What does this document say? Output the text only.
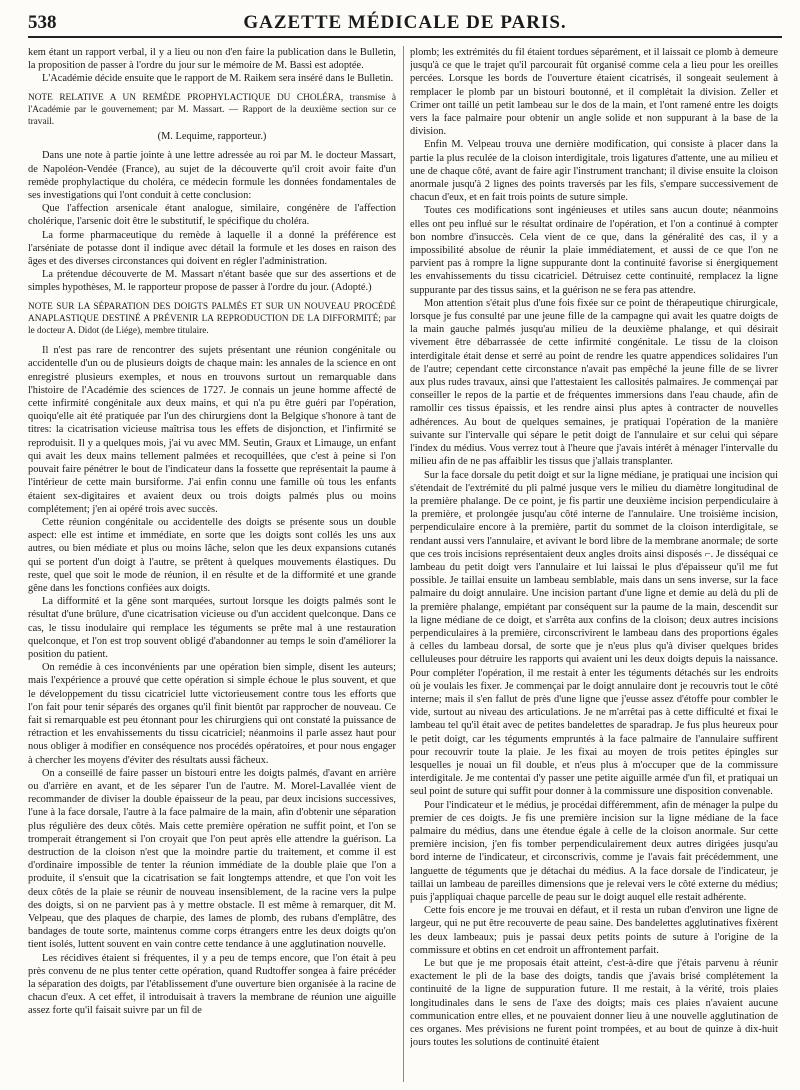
538	GAZETTE MÉDICALE DE PARIS.

kem étant un rapport verbal, il y a lieu ou non d'en faire la publication dans le Bulletin, la proposition de passer à l'ordre du jour sur le mémoire de M. Bassi est adoptée.

L'Académie décide ensuite que le rapport de M. Raikem sera inséré dans le Bulletin.

NOTE RELATIVE A UN REMÈDE PROPHYLACTIQUE DU CHOLÉRA, transmise à l'Académie par le gouvernement; par M. Massart. — Rapport de la deuxième section sur ce travail.

(M. Lequime, rapporteur.)

Dans une note à partie jointe à une lettre adressée au roi par M. le docteur Massart, de Napoléon-Vendée (France), au sujet de la découverte qu'il croit avoir faite d'un remède prophylactique du choléra, ce médecin formule les données fondamentales de ses investigations qui l'ont conduit à cette conclusion:

Que l'affection arsenicale étant analogue, similaire, congénère de l'affection cholérique, l'arsenic doit être le substitutif, le spécifique du choléra.

La forme pharmaceutique du remède à laquelle il a donné la préférence est l'arséniate de potasse dont il indique avec détail la formule et les doses en raison des âges et des diverses circonstances qui doivent en régler l'administration.

La prétendue découverte de M. Massart n'étant basée que sur des assertions et de simples hypothèses, M. le rapporteur propose de passer à l'ordre du jour. (Adopté.)

NOTE SUR LA SÉPARATION DES DOIGTS PALMÉS ET SUR UN NOUVEAU PROCÉDÉ ANAPLASTIQUE DESTINÉ A PRÉVENIR LA REPRODUCTION DE LA DIFFORMITÉ; par le docteur A. Didot (de Liége), membre titulaire.

Il n'est pas rare de rencontrer des sujets présentant une réunion congénitale ou accidentelle d'un ou de plusieurs doigts de chaque main: les annales de la science en ont enregistré plusieurs exemples, et nous en trouvons surtout un remarquable dans l'histoire de l'Académie des sciences de 1727. Je connais un jeune homme affecté de cette infirmité congénitale aux deux mains, et qui n'a pu être guéri par l'opération, quoiqu'elle ait été pratiquée par l'un des chirurgiens dont la Belgique s'honore à tant de titres: la cicatrisation vicieuse maîtrisa tous les effets de disjonction, et l'infirmité se reproduisit. Il y a quelques mois, j'ai vu avec MM. Seutin, Graux et Limauge, un enfant qui avait les deux mains tellement palmées et recoquillées, que c'est à peine si l'on pouvait faire pénétrer le bout de l'indicateur dans la fossette que représentait la paume à l'intérieur de cette main bursiforme. J'ai enfin connu une famille où tous les enfants étaient sex-digitaires et avaient deux ou trois doigts palmés plus ou moins complétement; j'en ai opéré trois avec succès.

Cette réunion congénitale ou accidentelle des doigts se présente sous un double aspect: elle est intime et immédiate, en sorte que les doigts sont collés les uns aux autres, ou bien médiate et plus ou moins lâche, selon que les deux expansions cutanés qui se portent d'un doigt à l'autre, se prêtent à quelques mouvements élastiques. Du reste, quel que soit le mode de réunion, il en résulte et de la difformité et une grande gêne dans les fonctions confiées aux doigts.

La difformité et la gêne sont marquées, surtout lorsque les doigts palmés sont le résultat d'une brûlure, d'une cicatrisation vicieuse ou d'un accident quelconque. Dans ce cas, le tissu inodulaire qui remplace les téguments se prête mal à une restauration quelconque, et l'on est trop souvent obligé d'abandonner au temps le soin d'améliorer la position du patient.

On remédie à ces inconvénients par une opération bien simple, disent les auteurs; mais l'expérience a prouvé que cette opération si simple échoue le plus souvent, et que le développement du tissu cicatriciel lutte victorieusement contre tous les efforts que l'on fait pour tenir séparés des organes qu'il finit bientôt par rapprocher de nouveau. Ce fait si remarquable est peu étonnant pour les chirurgiens qui ont constaté la puissance de rétraction et les envahissements du tissu cicatriciel; néanmoins il parle assez haut pour nous obliger à modifier en conséquence nos procédés opératoires, et pour nous engager à chercher les moyens d'éviter des résultats aussi fâcheux.

On a conseillé de faire passer un bistouri entre les doigts palmés, d'avant en arrière ou d'arrière en avant, et de les séparer l'un de l'autre. M. Morel-Lavallée vient de recommander de diviser la double épaisseur de la peau, par deux incisions successives, l'une à la face dorsale, l'autre à la face palmaire de la main, afin d'obtenir une séparation plus régulière des deux côtés. Mais cette première opération ne suffit point, et l'on se tromperait étrangement si l'on croyait que l'on peut après elle attendre la guérison. La destruction de la cloison n'est que la moindre partie du traitement, et comme il est d'ordinaire impossible de tenter la réunion immédiate de la double plaie que l'on a produite, il s'ensuit que la cicatrisation se fait longtemps attendre, et que l'on voit les deux côtés de la plaie se réunir de nouveau insensiblement, de la racine vers la pulpe des doigts, si on ne parvient pas à y mettre obstacle. Il est même à remarquer, dit M. Velpeau, que des plaques de charpie, des lames de plomb, des rubans d'emplâtre, des bandages de toute sorte, maintenus comme corps étrangers entre les deux doigts qu'on tient isolés, luttent souvent en vain contre cette tendance à une agglutination nouvelle.

Les récidives étaient si fréquentes, il y a peu de temps encore, que l'on était à peu près convenu de ne plus tenter cette opération, quand Rudtoffer songea à faire précéder la séparation des doigts, par l'établissement d'une ouverture bien organisée à la racine de chacun d'eux. A cet effet, il introduisait à travers la membrane de réunion une aiguille assez forte qu'il faisait suivre par un fil de

plomb; les extrémités du fil étaient tordues séparément, et il laissait ce plomb à demeure jusqu'à ce que le trajet qu'il parcourait fût organisé comme cela a lieu pour les oreilles percées. Lorsque les bords de l'ouverture étaient cicatrisés, il songeait seulement à remplacer le plomb par un bistouri boutonné, et il complétait la division. Zeller et Crimer ont taillé un petit lambeau sur le dos de la main, et l'ont ramené entre les doigts vers la face palmaire pour obtenir un angle solide et non suppurant à la base de la division.

Enfin M. Velpeau trouva une dernière modification, qui consiste à placer dans la partie la plus reculée de la cloison interdigitale, trois ligatures d'attente, une au milieu et une de chaque côté, avant de faire agir l'instrument tranchant; il divise ensuite la cloison anormale jusqu'à 2 lignes des points traversés par les fils, s'empare successivement de chacun d'eux, et en fait trois points de suture simple.

Toutes ces modifications sont ingénieuses et utiles sans aucun doute; néanmoins elles ont peu influé sur le résultat ordinaire de l'opération, et l'on a continué à compter bon nombre d'insuccès. Cela vient de ce que, dans la généralité des cas, il y a impossibilité absolue de réunir la plaie immédiatement, et aussi de ce que l'on ne parvient pas à rompre la ligne suppurante dont la continuité favorise si énergiquement les envahissements du tissu cicatriciel. Détruisez cette continuité, remplacez la ligne suppurante par des tissus sains, et la guérison ne se fera pas attendre.

Mon attention s'était plus d'une fois fixée sur ce point de thérapeutique chirurgicale, lorsque je fus consulté par une jeune fille de la campagne qui avait les quatre doigts de la main gauche palmés jusqu'au milieu de la deuxième phalange, et qui désirait vivement être débarrassée de cette infirmité congénitale. Le tissu de la cloison interdigitale était dense et serré au point de rendre les quatre appendices solidaires l'un de l'autre; cependant cette circonstance n'avait pas empêché la jeune fille de se livrer aux plus rudes travaux, ainsi que l'attestaient les callosités palmaires. Je commençai par conseiller le repos de la partie et de fréquentes immersions dans l'eau chaude, afin de ramollir ces tissus épaissis, et les rendre ainsi plus aptes à contracter de nouvelles adhérences. Au bout de quelques semaines, je pratiquai l'opération de la manière suivante sur l'intervalle qui sépare le petit doigt de l'annulaire et sur celui qui sépare l'index du médius. Vous verrez tout à l'heure que j'avais intérêt à ménager l'intervalle du milieu afin de ne pas affaiblir les tissus que j'allais transplanter.

Sur la face dorsale du petit doigt et sur la ligne médiane, je pratiquai une incision qui s'étendait de l'extrémité du pli palmé jusque vers le milieu du diamètre longitudinal de la première phalange. De ce point, je fis partir une deuxième incision perpendiculaire à la première, et prolongée jusqu'au côté interne de l'annulaire. Une troisième incision, perpendiculaire encore à la première, partit du sommet de la cloison interdigitale, se rendant aussi vers l'annulaire, et avivant le bord libre de la membrane anormale; de sorte que ces trois incisions représentaient deux angles droits ainsi disposés ⌐. Je disséquai ce lambeau du petit doigt vers l'annulaire et lui laissai le plus d'épaisseur qu'il me fut possible. Je taillai ensuite un lambeau semblable, mais dans un sens inverse, sur la face palmaire du doigt annulaire. Une incision partant d'une ligne et demie au delà du pli de la première phalange, empiétant par conséquent sur la paume de la main, descendit sur la ligne médiane de ce doigt, et s'arrêta aux confins de la cloison; deux autres incisions perpendiculaires à la première, circonscrivirent le lambeau dans des proportions égales à celles du lambeau dorsal, de sorte que je n'eus plus qu'à diviser quelques brides celluleuses pour détruire les rapports qui avaient uni les deux doigts depuis la naissance. Pour compléter l'opération, il me restait à enter les téguments détachés sur les endroits où je voulais les fixer. Je commençai par le doigt annulaire dont je recouvris tout le côté interne; mais il s'en fallut de près d'une ligne que j'eusse assez d'étoffe pour combler le vide, surtout au niveau des articulations. Je ne m'arrêtai pas à cette difficulté et fixai le lambeau tel qu'il était avec de petites bandelettes de sparadrap. Je fus plus heureux pour le petit doigt, car les téguments empruntés à la face palmaire de l'annulaire suffirent pour recouvrir toute la plaie. Je les fixai au moyen de trois petites épingles sur lesquelles je nouai un fil double, et n'eus plus à m'occuper que de la commissure interdigitale. Je me contentai d'y passer une petite aiguille armée d'un fil, et pratiquai un seul point de suture qui suffit pour donner à la commissure une disposition convenable.

Pour l'indicateur et le médius, je procédai différemment, afin de ménager la pulpe du premier de ces doigts. Je fis une première incision sur la ligne médiane de la face palmaire du médius, dans une étendue égale à celle de la cloison anormale. Sur cette première incision, j'en fis tomber perpendiculairement deux autres dirigées jusqu'au bord interne de l'indicateur, et circonscrivis, comme je l'avais fait précédemment, une languette de téguments que je détachai du médius. A la face dorsale de l'indicateur, je taillai un lambeau de pareilles dimensions que je relevai vers le côté externe du médius; puis j'appliquai chaque parcelle de peau sur le doigt auquel elle restait adhérente.

Cette fois encore je me trouvai en défaut, et il resta un ruban d'environ une ligne de largeur, qui ne put être recouverte de peau saine. Des bandelettes agglutinatives fixèrent les deux lambeaux; puis je passai deux petits points de suture à l'origine de la commissure et obtins en cet endroit un affrontement parfait.

Le but que je me proposais était atteint, c'est-à-dire que j'étais parvenu à réunir exactement le pli de la base des doigts, tandis que j'avais brisé complétement la continuité de la ligne de suppuration future. Il me restait, à la vérité, trois plaies longitudinales dans le sens de l'axe des doigts; mais ces plaies n'avaient aucune communication entre elles, et ne pouvaient donner lieu à une nouvelle agglutination de ces organes. Mes prévisions ne furent point trompées, et au bout de quinze à dix-huit jours toutes les solutions de continuité étaient
